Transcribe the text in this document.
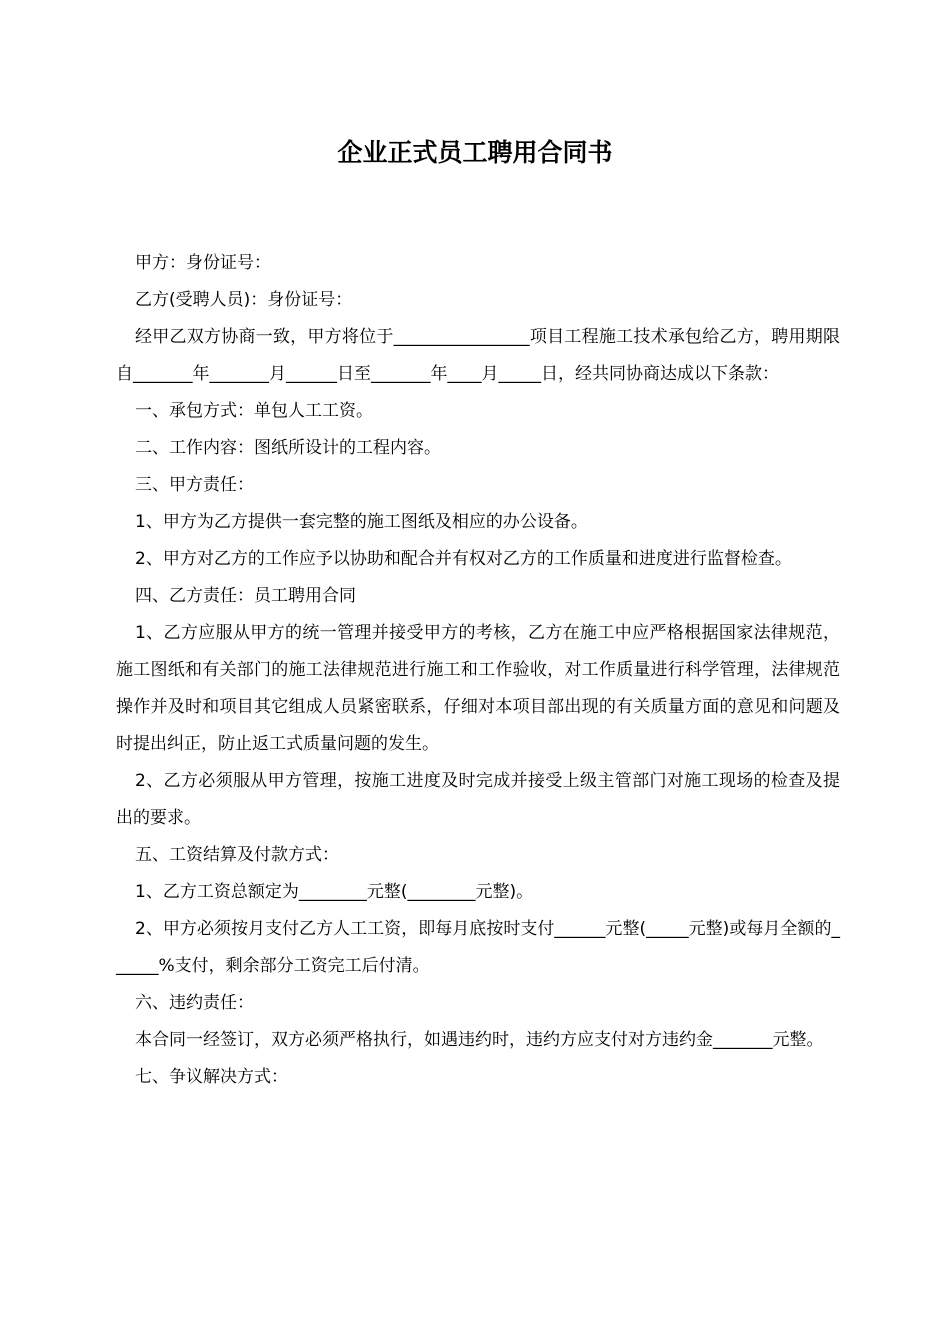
企业正式员工聘用合同书

甲方：身份证号：

乙方(受聘人员)：身份证号：

经甲乙双方协商一致，甲方将位于________________项目工程施工技术承包给乙方，聘用期限自_______年_______月______日至_______年____月_____日，经共同协商达成以下条款：

一、承包方式：单包人工工资。

二、工作内容：图纸所设计的工程内容。

三、甲方责任：

1、甲方为乙方提供一套完整的施工图纸及相应的办公设备。

2、甲方对乙方的工作应予以协助和配合并有权对乙方的工作质量和进度进行监督检查。

四、乙方责任：员工聘用合同

1、乙方应服从甲方的统一管理并接受甲方的考核，乙方在施工中应严格根据国家法律规范，施工图纸和有关部门的施工法律规范进行施工和工作验收，对工作质量进行科学管理，法律规范操作并及时和项目其它组成人员紧密联系，仔细对本项目部出现的有关质量方面的意见和问题及时提出纠正，防止返工式质量问题的发生。

2、乙方必须服从甲方管理，按施工进度及时完成并接受上级主管部门对施工现场的检查及提出的要求。

五、工资结算及付款方式：

1、乙方工资总额定为________元整(________元整)。

2、甲方必须按月支付乙方人工工资，即每月底按时支付______元整(_____元整)或每月全额的______%支付，剩余部分工资完工后付清。

六、违约责任：

本合同一经签订，双方必须严格执行，如遇违约时，违约方应支付对方违约金_______元整。

七、争议解决方式：
